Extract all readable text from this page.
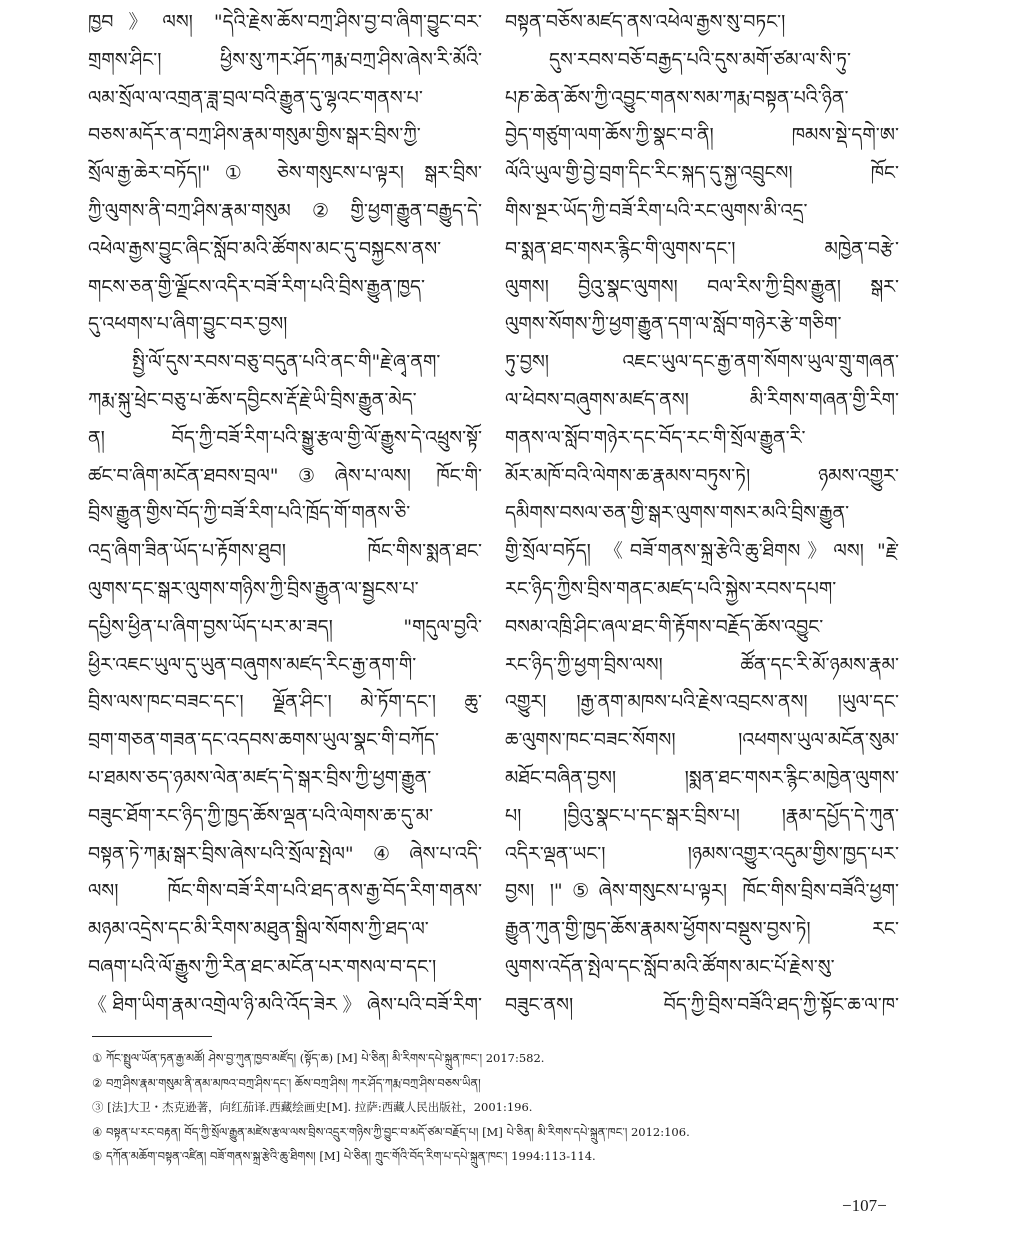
ཁྱབ》ལས། "དེའི་རྗེས་ཆོས་བཀྲ་ཤིས་བྱ་བ་ཞིག་བྱུང་བར་
གྲགས་ཤིང་། ཕྱིས་སུ་ཀར་ཤོད་ཀརྨ་བཀྲ་ཤིས་ཞེས་རི་མོའི་
ལམ་སྲོལ་ལ་འགྲན་ཟླ་བྲལ་བའི་རྒྱུན་དུ་ལྷའང་གནས་པ་
བཅས་མདོར་ན་བཀྲ་ཤིས་རྣམ་གསུམ་གྱིས་སྒར་བྲིས་ཀྱི་
སྲོལ་རྒྱ་ཆེར་བཏོད།"① ཅེས་གསུངས་པ་ལྟར། སྒར་བྲིས་
ཀྱི་ལུགས་ནི་བཀྲ་ཤིས་རྣམ་གསུམ②གྱི་ཕྱག་རྒྱུན་བརྒྱུད་དེ་
འཕེལ་རྒྱས་བྱུང་ཞིང་སློབ་མའི་ཚོགས་མང་དུ་བསྐྱངས་ནས་
གངས་ཅན་གྱི་ལྗོངས་འདིར་བཟོ་རིག་པའི་བྲིས་རྒྱུན་ཁྱད་
དུ་འཕགས་པ་ཞིག་བྱུང་བར་བྱས།
སྤྱི་ལོ་དུས་རབས་བཅུ་བདུན་པའི་ནང་གི"རྗེ་ཞྭ་ནག་
ཀརྨ་སྐུ་ཕྲེང་བཅུ་པ་ཆོས་དབྱིངས་རྡོ་རྗེ་ཡི་བྲིས་རྒྱུན་མེད་
ན། བོད་ཀྱི་བཟོ་རིག་པའི་སྒྱུ་རྩལ་གྱི་ལོ་རྒྱུས་དེ་འཕྲུས་སྟོ་
ཚང་བ་ཞིག་མངོན་ཐབས་བྲལ"③ཞེས་པ་ལས། ཁོང་གི་
བྲིས་རྒྱུན་གྱིས་བོད་ཀྱི་བཟོ་རིག་པའི་ཁྲོད་གོ་གནས་ཅི་
འདྲ་ཞིག་ཟིན་ཡོད་པ་རྟོགས་ཐུབ། ཁོང་གིས་སྨན་ཐང་
ལུགས་དང་སྒར་ལུགས་གཉིས་ཀྱི་བྲིས་རྒྱུན་ལ་སྦྱངས་པ་
དཔྱིས་ཕྱིན་པ་ཞིག་བྱས་ཡོད་པར་མ་ཟད། "གདུལ་བྱའི་
ཕྱིར་འཇང་ཡུལ་དུ་ཡུན་བཞུགས་མཛད་རིང་རྒྱ་ནག་གི་
བྲིས་ལས་ཁང་བཟང་དང་། ལྗོན་ཤིང་། མེ་ཏོག་དང་། ཆུ་
བྲག་གཅན་གཟན་དང་འདབས་ཆགས་ཡུལ་སྣང་གི་བཀོད་
པ་ཐམས་ཅད་ཉམས་ལེན་མཛད་དེ་སྒར་བྲིས་ཀྱི་ཕྱག་རྒྱུན་
བཟུང་ཐོག་རང་ཉིད་ཀྱི་ཁྱད་ཆོས་ལྡན་པའི་ལེགས་ཆ་དུ་མ་
བསྟན་ཏེ་ཀརྨ་སྒར་བྲིས་ཞེས་པའི་སྲོལ་སྤེལ"④ཞེས་པ་འདི་
ལས། ཁོང་གིས་བཟོ་རིག་པའི་ཐད་ནས་རྒྱ་བོད་རིག་གནས་
མཉམ་འདྲེས་དང་མི་རིགས་མཐུན་སྒྲིལ་སོགས་ཀྱི་ཐད་ལ་
བཞག་པའི་ལོ་རྒྱུས་ཀྱི་རིན་ཐང་མངོན་པར་གསལ་བ་དང་།
《ཐིག་ཡིག་རྣམ་འགྲེལ་ཉི་མའི་འོད་ཟེར》ཞེས་པའི་བཟོ་རིག་
བསྟན་བཅོས་མཛད་ནས་འཕེལ་རྒྱས་སུ་བཏང་།
དུས་རབས་བཅོ་བརྒྱད་པའི་དུས་མགོ་ཙམ་ལ་སི་ཏུ་
པཎ་ཆེན་ཆོས་ཀྱི་འབྱུང་གནས་སམ་ཀརྨ་བསྟན་པའི་ཉིན་
བྱེད་གཙུག་ལག་ཆོས་ཀྱི་སྣང་བ་ནི། ཁམས་སྡེ་དགེ་ཨ་
ལོའི་ཡུལ་གྱི་བྱེ་བྲག་དིང་རིང་སྐད་དུ་སྐྱ་འབྲུངས། ཁོང་
གིས་སྔར་ཡོད་ཀྱི་བཟོ་རིག་པའི་རང་ལུགས་མི་འདྲ་
བ་སྨན་ཐང་གསར་རྙིང་གི་ལུགས་དང་། མཁྱེན་བརྩེ་
ལུགས། བྱིའུ་སྣང་ལུགས། བལ་རིས་ཀྱི་བྲིས་རྒྱུན། སྒར་
ལུགས་སོགས་ཀྱི་ཕྱག་རྒྱུན་དག་ལ་སློབ་གཉེར་རྩེ་གཅིག་
ཏུ་བྱས། འཇང་ཡུལ་དང་རྒྱ་ནག་སོགས་ཡུལ་གྲུ་གཞན་
ལ་ཕེབས་བཞུགས་མཛད་ནས། མི་རིགས་གཞན་གྱི་རིག་
གནས་ལ་སློབ་གཉེར་དང་བོད་རང་གི་སྲོལ་རྒྱུན་རི་
མོར་མཁོ་བའི་ལེགས་ཆ་རྣམས་བཏུས་ཏེ། ཉམས་འགྱུར་
དམིགས་བསལ་ཅན་གྱི་སྒར་ལུགས་གསར་མའི་བྲིས་རྒྱུན་
གྱི་སྲོལ་བཏོད། 《བཟོ་གནས་སྐྲ་རྩེའི་ཆུ་ཐིགས》ལས། "རྗེ་
རང་ཉིད་ཀྱིས་བྲིས་གནང་མཛད་པའི་སྐྱེས་རབས་དཔག་
བསམ་འཁྲི་ཤིང་ཞལ་ཐང་གི་རྟོགས་བརྗོད་ཆོས་འབྱུང་
རང་ཉིད་ཀྱི་ཕྱག་བྲིས་ལས། ཚོན་དང་རི་མོ་ཉམས་རྣམ་
འགྱུར། །རྒྱ་ནག་མཁས་པའི་རྗེས་འབྲངས་ནས། །ཡུལ་དང་
ཆ་ལུགས་ཁང་བཟང་སོགས། །འཕགས་ཡུལ་མངོན་སུམ་
མཐོང་བཞིན་བྱས། །སྨན་ཐང་གསར་རྙིང་མཁྱེན་ལུགས་
པ། །བྱིའུ་སྣང་པ་དང་སྒར་བྲིས་པ། །རྣམ་དཔྱོད་དེ་ཀུན་
འདིར་ལྡན་ཡང་། །ཉམས་འགྱུར་འདུམ་གྱིས་ཁྱད་པར་
བྱས། །"⑤ཞེས་གསུངས་པ་ལྟར། ཁོང་གིས་བྲིས་བཟོའི་ཕྱག་
རྒྱུན་ཀུན་གྱི་ཁྱད་ཆོས་རྣམས་ཕྱོགས་བསྡུས་བྱས་ཏེ། རང་
ལུགས་འདོན་སྤེལ་དང་སློབ་མའི་ཚོགས་མང་པོ་རྗེས་སུ་
བཟུང་ནས། བོད་ཀྱི་བྲིས་བཟོའི་ཐད་ཀྱི་སྟོང་ཆ་ལ་ཁ་
① ཀོང་སྤྲུལ་ཡོན་ཏན་རྒྱ་མཚོ། ཤེས་བྱ་ཀུན་ཁྱབ་མཛོད། (སྟོད་ཆ) [M] པེ་ཅིན། མི་རིགས་དཔེ་སྐྲུན་ཁང་། 2017:582.
② བཀྲ་ཤིས་རྣམ་གསུམ་ནི་ནམ་མཁའ་བཀྲ་ཤིས་དང་། ཆོས་བཀྲ་ཤིས། ཀར་ཤོད་ཀརྨ་བཀྲ་ཤིས་བཅས་ཡིན།
③ [法]大卫・杰克逊著，向红茄译.西藏绘画史[M]. 拉萨:西藏人民出版社，2001:196.
④ བསྟན་པ་རང་བརྟན། བོད་ཀྱི་སྲོལ་རྒྱུན་མཛེས་རྩལ་ལས་བྲིས་འདྲུར་གཉིས་ཀྱི་བྱུང་བ་མདོ་ཙམ་བརྗོད་པ། [M] པེ་ཅིན། མི་རིགས་དཔེ་སྐྲུན་ཁང་། 2012:106.
⑤ དཀོན་མཆོག་བསྟན་འཛིན། བཟོ་གནས་སྐྲ་རྩེའི་ཆུ་ཐིགས། [M] པེ་ཅིན། ཀྲུང་གོའི་བོད་རིག་པ་དཔེ་སྐྲུན་ཁང་། 1994:113-114.
−107−
